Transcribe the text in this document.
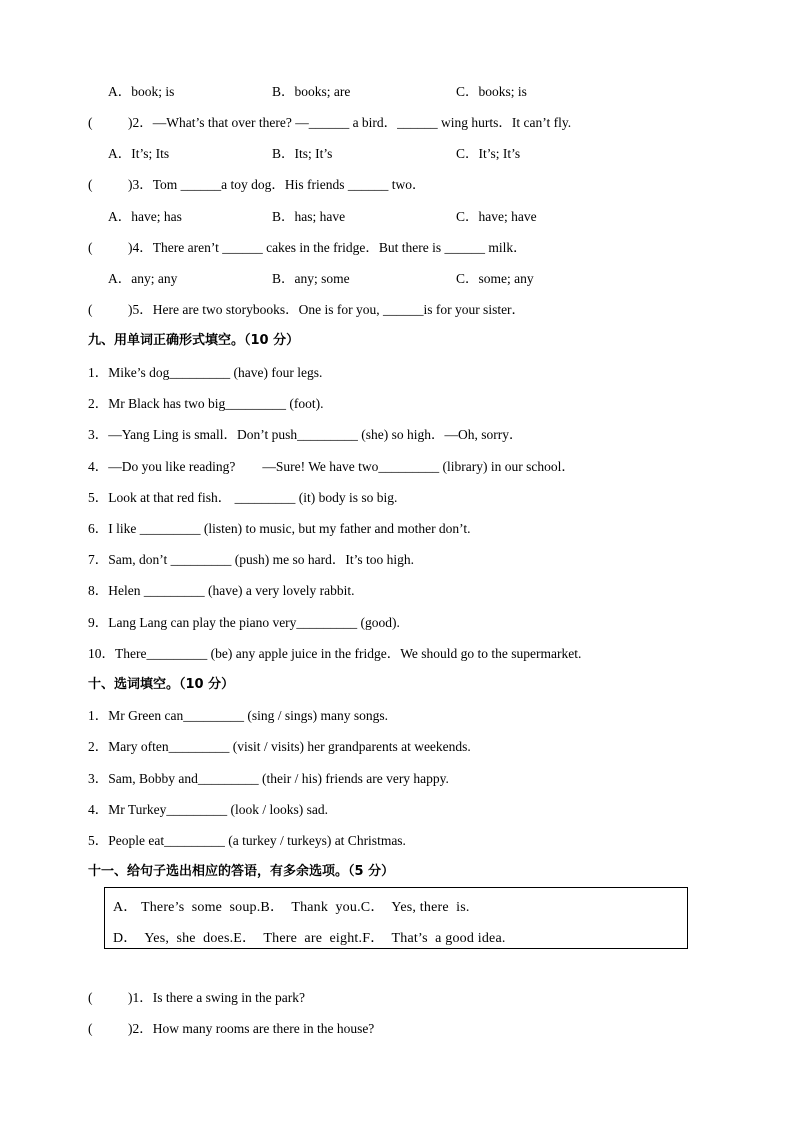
A．book; is

	B．books; are

	C．books; is

(	)2．—What’s that over there? —______ a bird．______ wing hurts．It can’t fly.

A．It’s; Its

	B．Its; It’s

	C．It’s; It’s

(	)3．Tom ______a toy dog．His friends ______ two．

A．have; has

	B．has; have

	C．have; have

(	)4．There aren’t ______ cakes in the fridge．But there is ______ milk．

A．any; any

	B．any; some

	C．some; any

(	)5．Here are two storybooks．One is for you, ______is for your sister．
九、用单词正确形式填空。（10 分）
1．Mike’s dog_________ (have) four legs.
2．Mr Black has two big_________ (foot).
3．—Yang Ling is small．Don’t push_________ (she) so high．—Oh, sorry．
4．—Do you like reading?        —Sure! We have two_________ (library) in our school．
5．Look at that red fish． _________ (it) body is so big.
6．I like _________ (listen) to music, but my father and mother don’t.
7．Sam, don’t _________ (push) me so hard．It’s too high.
8．Helen _________ (have) a very lovely rabbit.
9．Lang Lang can play the piano very_________ (good).
10．There_________ (be) any apple juice in the fridge．We should go to the supermarket.
十、选词填空。（10 分）
1．Mr Green can_________ (sing / sings) many songs.
2．Mary often_________ (visit / visits) her grandparents at weekends.
3．Sam, Bobby and_________ (their / his) friends are very happy.
4．Mr Turkey_________ (look / looks) sad.
5．People eat_________ (a turkey / turkeys) at Christmas.
十一、给句子选出相应的答语，有多余选项。（5 分）
A． There’s  some  soup.B．  Thank  you.C．  Yes, there  is.
D．  Yes,  she  does.E．  There  are  eight.F．  That’s  a good idea.
(	)1．Is there a swing in the park?
(	)2．How many rooms are there in the house?
